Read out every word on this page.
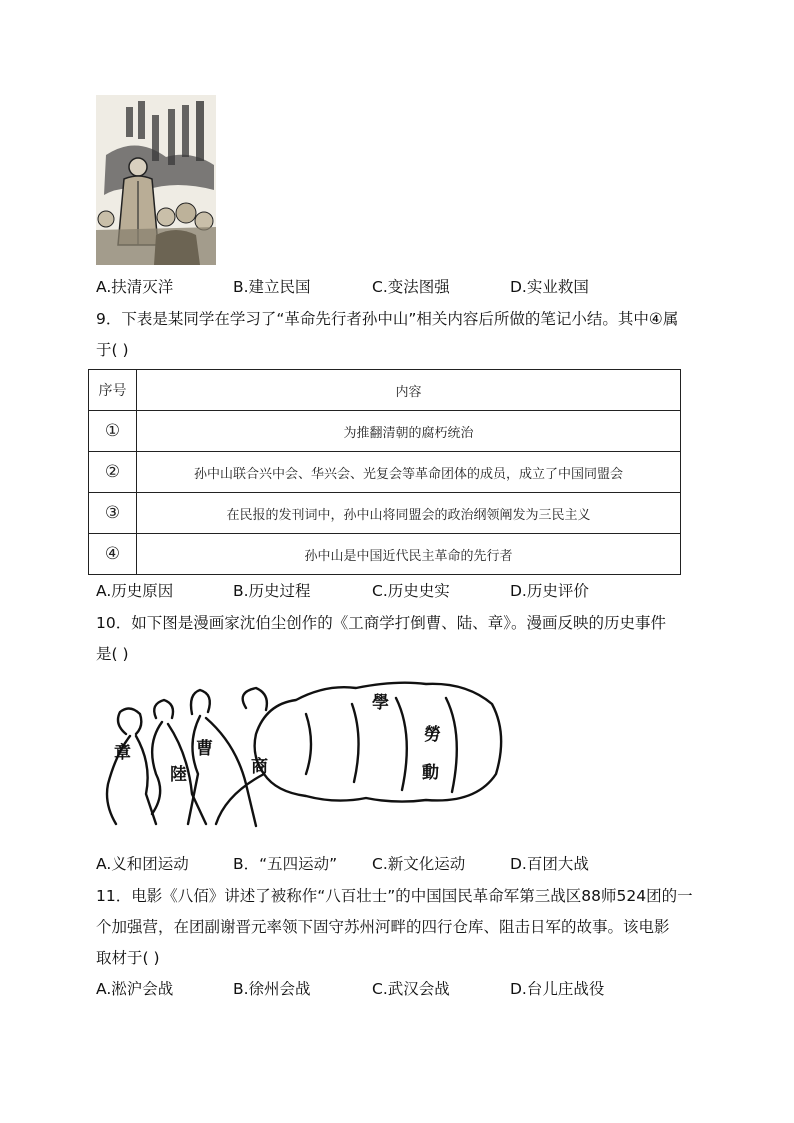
A.扶清灭洋	B.建立民国	C.变法图强	D.实业救国
9．下表是某同学在学习了“革命先行者孙中山”相关内容后所做的笔记小结。其中④属
于( )
序号	内容
①	为推翻清朝的腐朽统治
②	孙中山联合兴中会、华兴会、光复会等革命团体的成员，成立了中国同盟会
③	在民报的发刊词中，孙中山将同盟会的政治纲领阐发为三民主义
④	孙中山是中国近代民主革命的先行者
A.历史原因	B.历史过程	C.历史史实	D.历史评价
10．如下图是漫画家沈伯尘创作的《工商学打倒曹、陆、章》。漫画反映的历史事件
是( )
章
陸
曹
商
學
勞
動
A.义和团运动	B．“五四运动” C.新文化运动	D.百团大战
11．电影《八佰》讲述了被称作“八百壮士”的中国国民革命军第三战区88师524团的一
个加强营，在团副谢晋元率领下固守苏州河畔的四行仓库、阻击日军的故事。该电影
取材于( )
A.淞沪会战	B.徐州会战	C.武汉会战	D.台儿庄战役
